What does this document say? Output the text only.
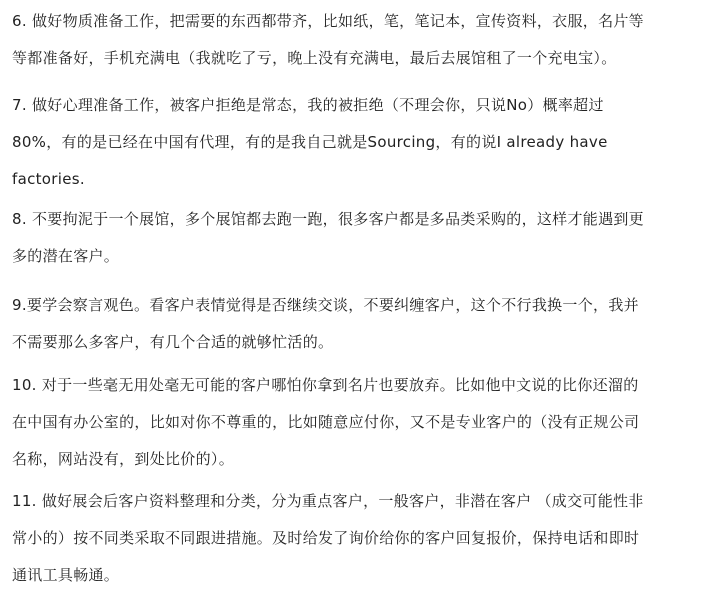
6. 做好物质准备工作，把需要的东西都带齐，比如纸，笔，笔记本，宣传资料，衣服，名片等
等都准备好，手机充满电（我就吃了亏，晚上没有充满电，最后去展馆租了一个充电宝）。
7. 做好心理准备工作，被客户拒绝是常态，我的被拒绝（不理会你，只说No）概率超过
80%，有的是已经在中国有代理，有的是我自己就是Sourcing，有的说I already have
factories.
8. 不要拘泥于一个展馆，多个展馆都去跑一跑，很多客户都是多品类采购的，这样才能遇到更
多的潜在客户。
9.要学会察言观色。看客户表情觉得是否继续交谈，不要纠缠客户，这个不行我换一个，我并
不需要那么多客户，有几个合适的就够忙活的。
10. 对于一些毫无用处毫无可能的客户哪怕你拿到名片也要放弃。比如他中文说的比你还溜的
在中国有办公室的，比如对你不尊重的，比如随意应付你，又不是专业客户的（没有正规公司
名称，网站没有，到处比价的）。
11. 做好展会后客户资料整理和分类，分为重点客户，一般客户，非潜在客户 （成交可能性非
常小的）按不同类采取不同跟进措施。及时给发了询价给你的客户回复报价，保持电话和即时
通讯工具畅通。
